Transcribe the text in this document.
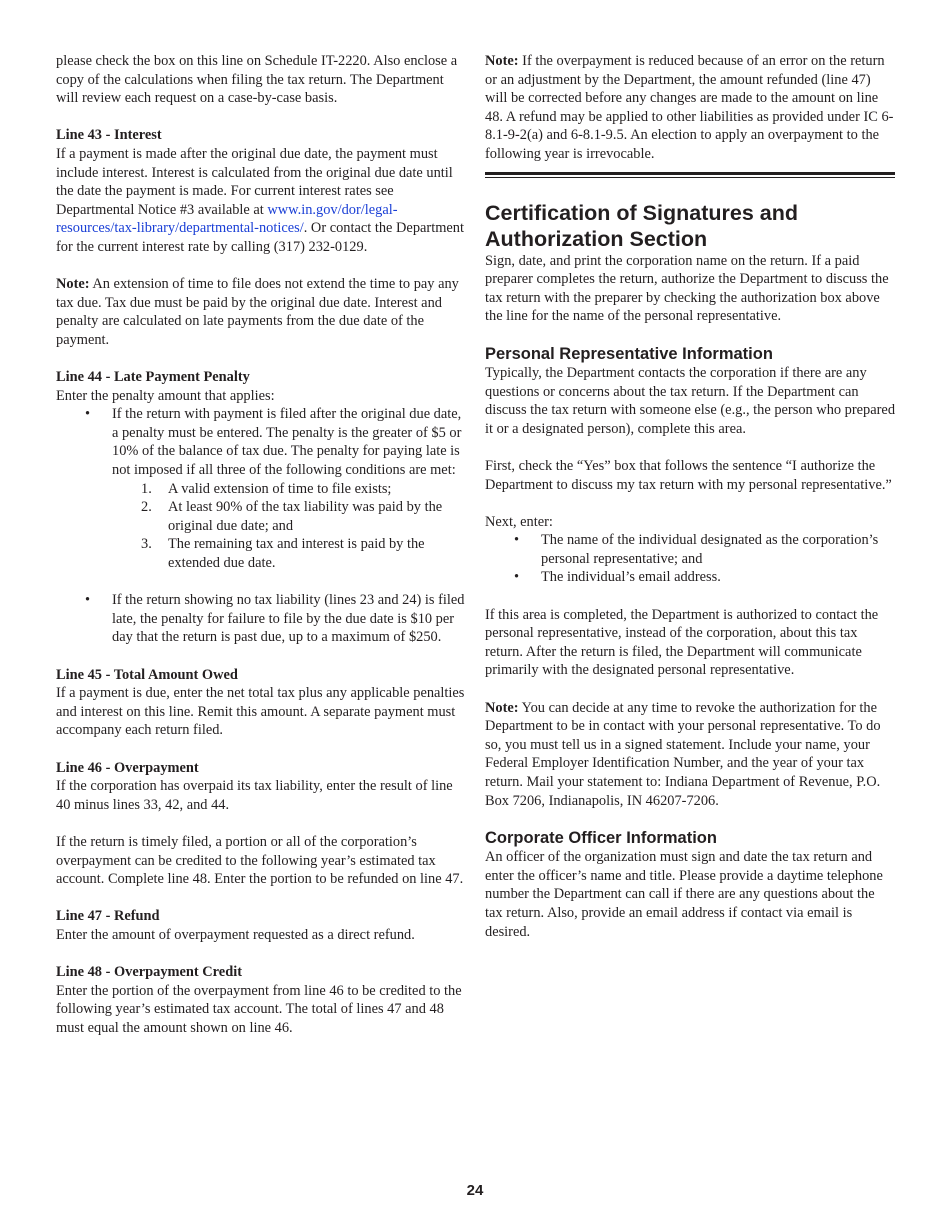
please check the box on this line on Schedule IT-2220. Also enclose a copy of the calculations when filing the tax return. The Department will review each request on a case-by-case basis.

Line 43 - Interest

If a payment is made after the original due date, the payment must include interest. Interest is calculated from the original due date until the date the payment is made. For current interest rates see Departmental Notice #3 available at www.in.gov/dor/legal-resources/tax-library/departmental-notices/. Or contact the Department for the current interest rate by calling (317) 232-0129.

Note: An extension of time to file does not extend the time to pay any tax due. Tax due must be paid by the original due date. Interest and penalty are calculated on late payments from the due date of the payment.

Line 44 - Late Payment Penalty

Enter the penalty amount that applies:

• If the return with payment is filed after the original due date, a penalty must be entered. The penalty is the greater of $5 or 10% of the balance of tax due. The penalty for paying late is not imposed if all three of the following conditions are met:
1. A valid extension of time to file exists;
2. At least 90% of the tax liability was paid by the original due date; and
3. The remaining tax and interest is paid by the extended due date.
• If the return showing no tax liability (lines 23 and 24) is filed late, the penalty for failure to file by the due date is $10 per day that the return is past due, up to a maximum of $250.

Line 45 - Total Amount Owed

If a payment is due, enter the net total tax plus any applicable penalties and interest on this line. Remit this amount. A separate payment must accompany each return filed.

Line 46 - Overpayment

If the corporation has overpaid its tax liability, enter the result of line 40 minus lines 33, 42, and 44.

If the return is timely filed, a portion or all of the corporation’s overpayment can be credited to the following year’s estimated tax account. Complete line 48. Enter the portion to be refunded on line 47.

Line 47 - Refund

Enter the amount of overpayment requested as a direct refund.

Line 48 - Overpayment Credit

Enter the portion of the overpayment from line 46 to be credited to the following year’s estimated tax account. The total of lines 47 and 48 must equal the amount shown on line 46.

Note: If the overpayment is reduced because of an error on the return or an adjustment by the Department, the amount refunded (line 47) will be corrected before any changes are made to the amount on line 48. A refund may be applied to other liabilities as provided under IC 6-8.1-9-2(a) and 6-8.1-9.5. An election to apply an overpayment to the following year is irrevocable.

Certification of Signatures and Authorization Section

Sign, date, and print the corporation name on the return. If a paid preparer completes the return, authorize the Department to discuss the tax return with the preparer by checking the authorization box above the line for the name of the personal representative.

Personal Representative Information

Typically, the Department contacts the corporation if there are any questions or concerns about the tax return. If the Department can discuss the tax return with someone else (e.g., the person who prepared it or a designated person), complete this area.

First, check the “Yes” box that follows the sentence “I authorize the Department to discuss my tax return with my personal representative.”

Next, enter:

• The name of the individual designated as the corporation’s personal representative; and
• The individual’s email address.

If this area is completed, the Department is authorized to contact the personal representative, instead of the corporation, about this tax return. After the return is filed, the Department will communicate primarily with the designated personal representative.

Note: You can decide at any time to revoke the authorization for the Department to be in contact with your personal representative. To do so, you must tell us in a signed statement. Include your name, your Federal Employer Identification Number, and the year of your tax return. Mail your statement to: Indiana Department of Revenue, P.O. Box 7206, Indianapolis, IN 46207-7206.

Corporate Officer Information

An officer of the organization must sign and date the tax return and enter the officer’s name and title. Please provide a daytime telephone number the Department can call if there are any questions about the tax return. Also, provide an email address if contact via email is desired.

24
